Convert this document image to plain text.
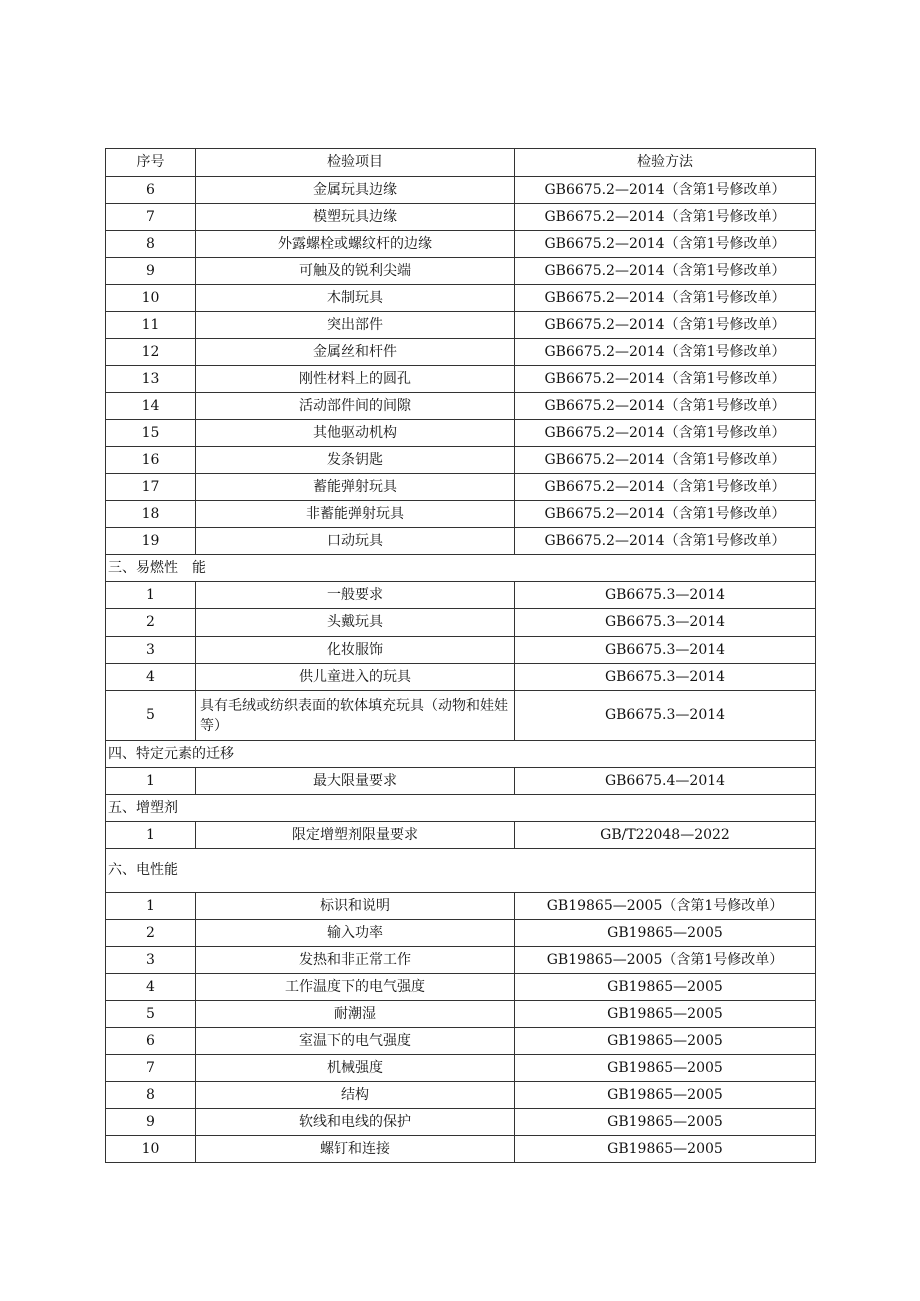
序号	检验项目	检验方法
6	金属玩具边缘	GB6675.2—2014（含第1号修改单）
7	模塑玩具边缘	GB6675.2—2014（含第1号修改单）
8	外露螺栓或螺纹杆的边缘	GB6675.2—2014（含第1号修改单）
9	可触及的锐利尖端	GB6675.2—2014（含第1号修改单）
10	木制玩具	GB6675.2—2014（含第1号修改单）
11	突出部件	GB6675.2—2014（含第1号修改单）
12	金属丝和杆件	GB6675.2—2014（含第1号修改单）
13	刚性材料上的圆孔	GB6675.2—2014（含第1号修改单）
14	活动部件间的间隙	GB6675.2—2014（含第1号修改单）
15	其他驱动机构	GB6675.2—2014（含第1号修改单）
16	发条钥匙	GB6675.2—2014（含第1号修改单）
17	蓄能弹射玩具	GB6675.2—2014（含第1号修改单）
18	非蓄能弹射玩具	GB6675.2—2014（含第1号修改单）
19	口动玩具	GB6675.2—2014（含第1号修改单）
三、易燃性　能		
1	一般要求	GB6675.3—2014
2	头戴玩具	GB6675.3—2014
3	化妆服饰	GB6675.3—2014
4	供儿童进入的玩具	GB6675.3—2014
5	具有毛绒或纺织表面的软体填充玩具（动物和娃娃等）	GB6675.3—2014
四、特定元素的迁移		
1	最大限量要求	GB6675.4—2014
五、增塑剂		
1	限定增塑剂限量要求	GB/T22048—2022
六、电性能		
1	标识和说明	GB19865—2005（含第1号修改单）
2	输入功率	GB19865—2005
3	发热和非正常工作	GB19865—2005（含第1号修改单）
4	工作温度下的电气强度	GB19865—2005
5	耐潮湿	GB19865—2005
6	室温下的电气强度	GB19865—2005
7	机械强度	GB19865—2005
8	结构	GB19865—2005
9	软线和电线的保护	GB19865—2005
10	螺钉和连接	GB19865—2005
